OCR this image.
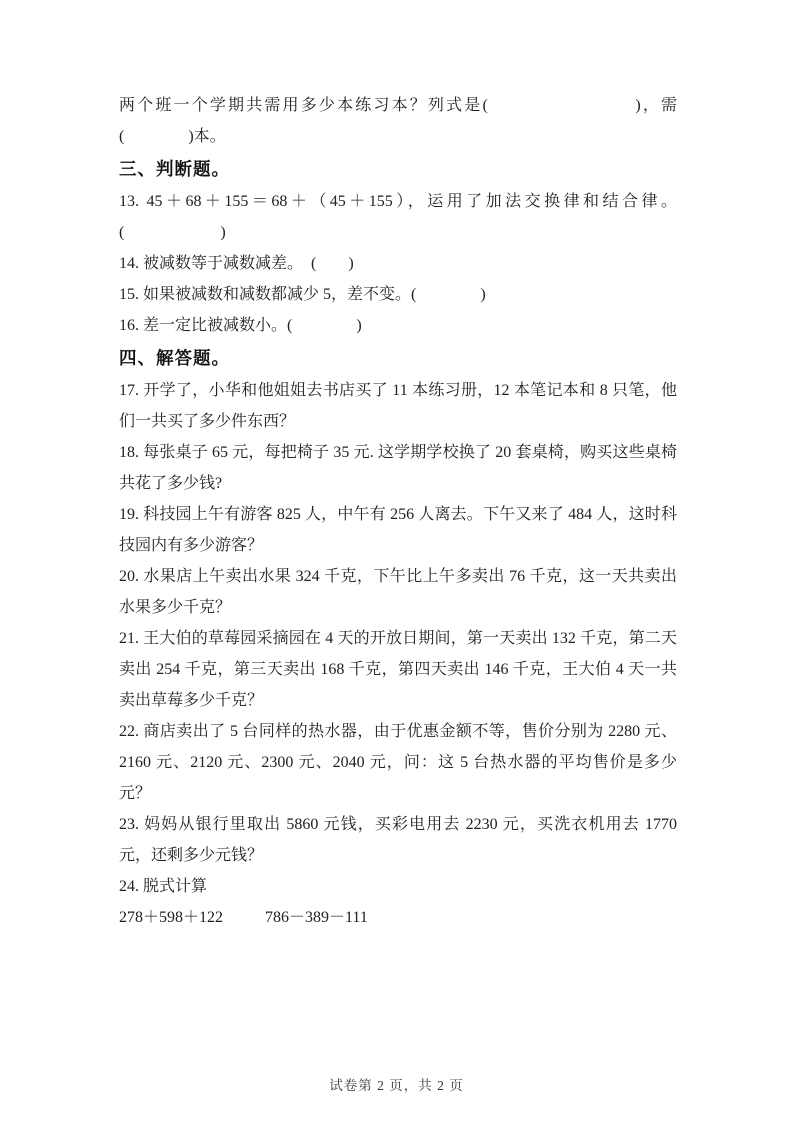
两个班一个学期共需用多少本练习本？列式是(　　　　　　　　)，需(　　　　)本。

三、判断题。

13. 45＋68＋155＝68＋（45＋155），运用了加法交换律和结合律。(　　　　　　)

14. 被减数等于减数减差。　(　　)

15. 如果被减数和减数都减少 5，差不变。(　　　　)

16. 差一定比被减数小。(　　　　)

四、解答题。

17. 开学了，小华和他姐姐去书店买了 11 本练习册，12 本笔记本和 8 只笔，他们一共买了多少件东西？

18. 每张桌子 65 元，每把椅子 35 元. 这学期学校换了 20 套桌椅，购买这些桌椅共花了多少钱?

19. 科技园上午有游客 825 人，中午有 256 人离去。下午又来了 484 人，这时科技园内有多少游客？

20. 水果店上午卖出水果 324 千克，下午比上午多卖出 76 千克，这一天共卖出水果多少千克？

21. 王大伯的草莓园采摘园在 4 天的开放日期间，第一天卖出 132 千克，第二天卖出 254 千克，第三天卖出 168 千克，第四天卖出 146 千克，王大伯 4 天一共卖出草莓多少千克？

22. 商店卖出了 5 台同样的热水器，由于优惠金额不等，售价分别为 2280 元、2160 元、2120 元、2300 元、2040 元，问：这 5 台热水器的平均售价是多少元？

23. 妈妈从银行里取出 5860 元钱，买彩电用去 2230 元，买洗衣机用去 1770 元，还剩多少元钱？

24. 脱式计算

278＋598＋122	786－389－111
试卷第 2 页，共 2 页
